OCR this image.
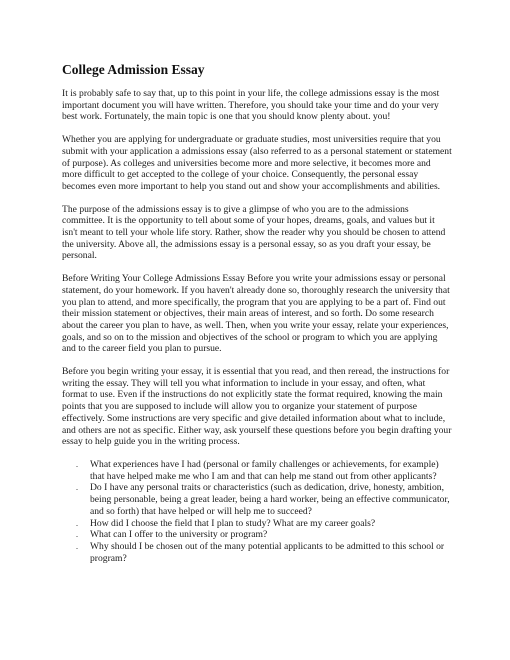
College Admission Essay

It is probably safe to say that, up to this point in your life, the college admissions essay is the most important document you will have written. Therefore, you should take your time and do your very best work. Fortunately, the main topic is one that you should know plenty about. you!

Whether you are applying for undergraduate or graduate studies, most universities require that you submit with your application a admissions essay (also referred to as a personal statement or statement of purpose). As colleges and universities become more and more selective, it becomes more and more difficult to get accepted to the college of your choice. Consequently, the personal essay becomes even more important to help you stand out and show your accomplishments and abilities.

The purpose of the admissions essay is to give a glimpse of who you are to the admissions committee. It is the opportunity to tell about some of your hopes, dreams, goals, and values but it isn't meant to tell your whole life story. Rather, show the reader why you should be chosen to attend the university. Above all, the admissions essay is a personal essay, so as you draft your essay, be personal.

Before Writing Your College Admissions Essay Before you write your admissions essay or personal statement, do your homework. If you haven't already done so, thoroughly research the university that you plan to attend, and more specifically, the program that you are applying to be a part of. Find out their mission statement or objectives, their main areas of interest, and so forth. Do some research about the career you plan to have, as well. Then, when you write your essay, relate your experiences, goals, and so on to the mission and objectives of the school or program to which you are applying and to the career field you plan to pursue.

Before you begin writing your essay, it is essential that you read, and then reread, the instructions for writing the essay. They will tell you what information to include in your essay, and often, what format to use. Even if the instructions do not explicitly state the format required, knowing the main points that you are supposed to include will allow you to organize your statement of purpose effectively. Some instructions are very specific and give detailed information about what to include, and others are not as specific. Either way, ask yourself these questions before you begin drafting your essay to help guide you in the writing process.

. What experiences have I had (personal or family challenges or achievements, for example) that have helped make me who I am and that can help me stand out from other applicants?
. Do I have any personal traits or characteristics (such as dedication, drive, honesty, ambition, being personable, being a great leader, being a hard worker, being an effective communicator, and so forth) that have helped or will help me to succeed?
. How did I choose the field that I plan to study? What are my career goals?
. What can I offer to the university or program?
. Why should I be chosen out of the many potential applicants to be admitted to this school or program?
